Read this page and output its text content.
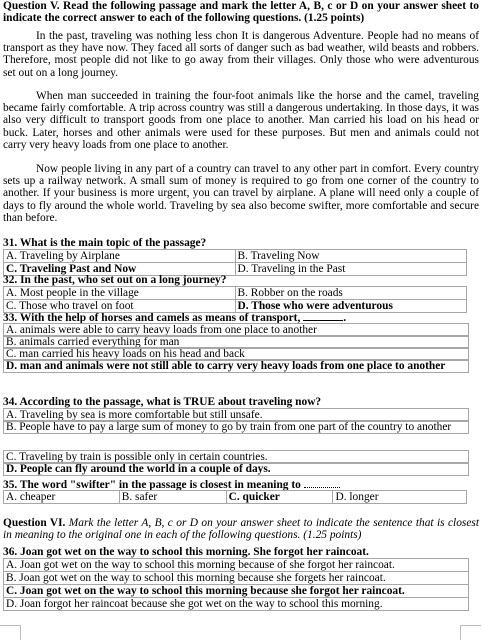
Question V. Read the following passage and mark the letter A, B, c or D on your answer sheet to indicate the correct answer to each of the following questions. (1.25 points)
In the past, traveling was nothing less chon It is dangerous Adventure. People had no means of transport as they have now. They faced all sorts of danger such as bad weather, wild beasts and robbers. Therefore, most people did not like to go away from their villages. Only those who were adventurous set out on a long journey.
When man succeeded in training the four-foot animals like the horse and the camel, traveling became fairly comfortable. A trip across country was still a dangerous undertaking. In those days, it was also very difficult to transport goods from one place to another. Man carried his load on his head or buck. Later, horses and other animals were used for these purposes. But men and animals could not carry very heavy loads from one place to another.
Now people living in any part of a country can travel to any other part in comfort. Every country sets up a railway network. A small sum of money is required to go from one corner of the country to another. If your business is more urgent, you can travel by airplane. A plane will need only a couple of days to fly around the whole world. Traveling by sea also become swifter, more comfortable and secure than before.
31. What is the main topic of the passage?
A. Traveling by Airplane	B. Traveling Now
C. Traveling Past and Now	D. Traveling in the Past
32. In the past, who set out on a long journey?
A. Most people in the village	B. Robber on the roads
C. Those who travel on foot	D. Those who were adventurous
33. With the help of horses and camels as means of transport,	.
A. animals were able to carry heavy loads from one place to another
B. animals carried everything for man
C. man carried his heavy loads on his head and back
D. man and animals were not still able to carry very heavy loads from one place to another
34. According to the passage, what is TRUE about traveling now?
A. Traveling by sea is more comfortable but still unsafe.
B. People have to pay a large sum of money to go by train from one part of the country to another
C. Traveling by train is possible only in certain countries.
D. People can fly around the world in a couple of days.
35. The word "swifter" in the passage is closest in meaning to
A. cheaper	B. safer	C. quicker	D. longer
Question VI. Mark the letter A, B, c or D on your answer sheet to indicate the sentence that is closest in meaning to the original one in each of the following questions. (1.25 points)
36. Joan got wet on the way to school this morning. She forgot her raincoat.
A. Joan got wet on the way to school this morning because of she forgot her raincoat.
B. Joan got wet on the way to school this morning because she forgets her raincoat.
C. Joan got wet on the way to school this morning because she forgot her raincoat.
D. Joan forgot her raincoat because she got wet on the way to school this morning.
